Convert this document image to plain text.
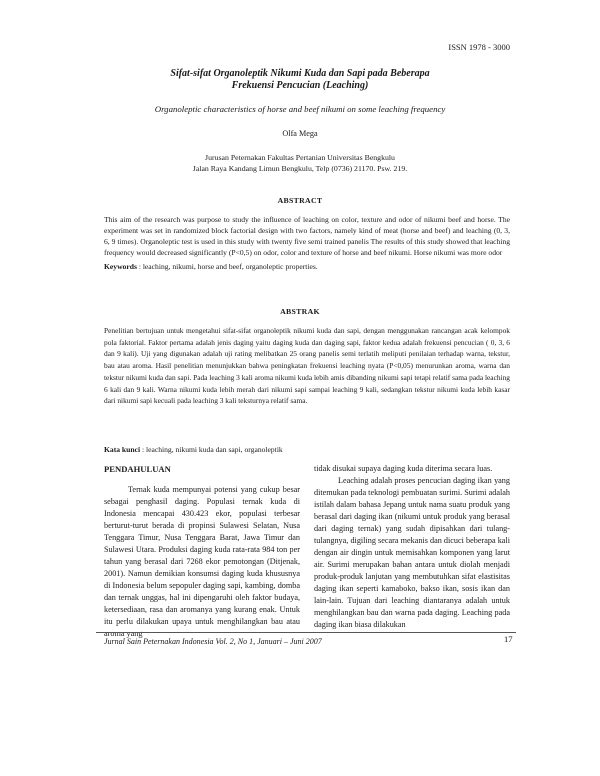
ISSN 1978 - 3000
Sifat-sifat Organoleptik Nikumi Kuda dan Sapi pada Beberapa
Frekuensi Pencucian (Leaching)
Organoleptic characteristics of horse and beef nikumi on some leaching frequency
Olfa Mega
Jurusan Peternakan Fakultas Pertanian Universitas Bengkulu
Jalan Raya Kandang Limun Bengkulu, Telp (0736) 21170. Psw. 219.
ABSTRACT
This aim of the research was purpose to study the influence of leaching on color, texture and odor of nikumi beef and horse. The experiment was set in randomized block factorial design with two factors, namely kind of meat (horse and beef) and leaching (0, 3, 6, 9 times). Organoleptic test is used in this study with twenty five semi trained panelis The results of this study showed that leaching frequency would decreased significantly (P<0,5) on odor, color and texture of horse and beef nikumi. Horse nikumi was more odor
Keywords : leaching, nikumi, horse and beef, organoleptic properties.
ABSTRAK
Penelitian bertujuan untuk mengetahui sifat-sifat organoleptik nikumi kuda dan sapi, dengan menggunakan rancangan acak kelompok pola faktorial. Faktor pertama adalah jenis daging yaitu daging kuda dan daging sapi, faktor kedua adalah frekuensi pencucian ( 0, 3, 6 dan 9 kali). Uji yang digunakan adalah uji rating melibatkan 25 orang panelis semi terlatih meliputi penilaian terhadap warna, tekstur, bau atau aroma. Hasil penelitian menunjukkan bahwa peningkatan frekuensi leaching nyata (P<0,05) menurunkan aroma, warna dan tekstur nikumi kuda dan sapi. Pada leaching 3 kali aroma nikumi kuda lebih amis dibanding nikumi sapi tetapi relatif sama pada leaching 6 kali dan 9 kali. Warna nikumi kuda lebih merah dari nikumi sapi sampai leaching 9 kali, sedangkan tekstur nikumi kuda lebih kasar dari nikumi sapi kecuali pada leaching 3 kali teksturnya relatif sama.
Kata kunci : leaching, nikumi kuda dan sapi, organoleptik
PENDAHULUAN

Ternak kuda mempunyai potensi yang cukup besar sebagai penghasil daging. Populasi ternak kuda di Indonesia mencapai 430.423 ekor, populasi terbesar berturut-turut berada di propinsi Sulawesi Selatan, Nusa Tenggara Timur, Nusa Tenggara Barat, Jawa Timur dan Sulawesi Utara. Produksi daging kuda rata-rata 984 ton per tahun yang berasal dari 7268 ekor pemotongan (Ditjenak, 2001). Namun demikian konsumsi daging kuda khususnya di Indonesia belum sepopuler daging sapi, kambing, domba dan ternak unggas, hal ini dipengaruhi oleh faktor budaya, ketersediaan, rasa dan aromanya yang kurang enak. Untuk itu perlu dilakukan upaya untuk menghilangkan bau atau aroma yang

tidak disukai supaya daging kuda diterima secara luas.

Leaching adalah proses pencucian daging ikan yang ditemukan pada teknologi pembuatan surimi. Surimi adalah istilah dalam bahasa Jepang untuk nama suatu produk yang berasal dari daging ikan (nikumi untuk produk yang berasal dari daging ternak) yang sudah dipisahkan dari tulang-tulangnya, digiling secara mekanis dan dicuci beberapa kali dengan air dingin untuk memisahkan komponen yang larut air. Surimi merupakan bahan antara untuk diolah menjadi produk-produk lanjutan yang membutuhkan sifat elastisitas daging ikan seperti kamaboko, bakso ikan, sosis ikan dan lain-lain. Tujuan dari leaching diantaranya adalah untuk menghilangkan bau dan warna pada daging. Leaching pada daging ikan biasa dilakukan

Jurnal Sain Peternakan Indonesia Vol. 2, No 1, Januari – Juni 2007	17
